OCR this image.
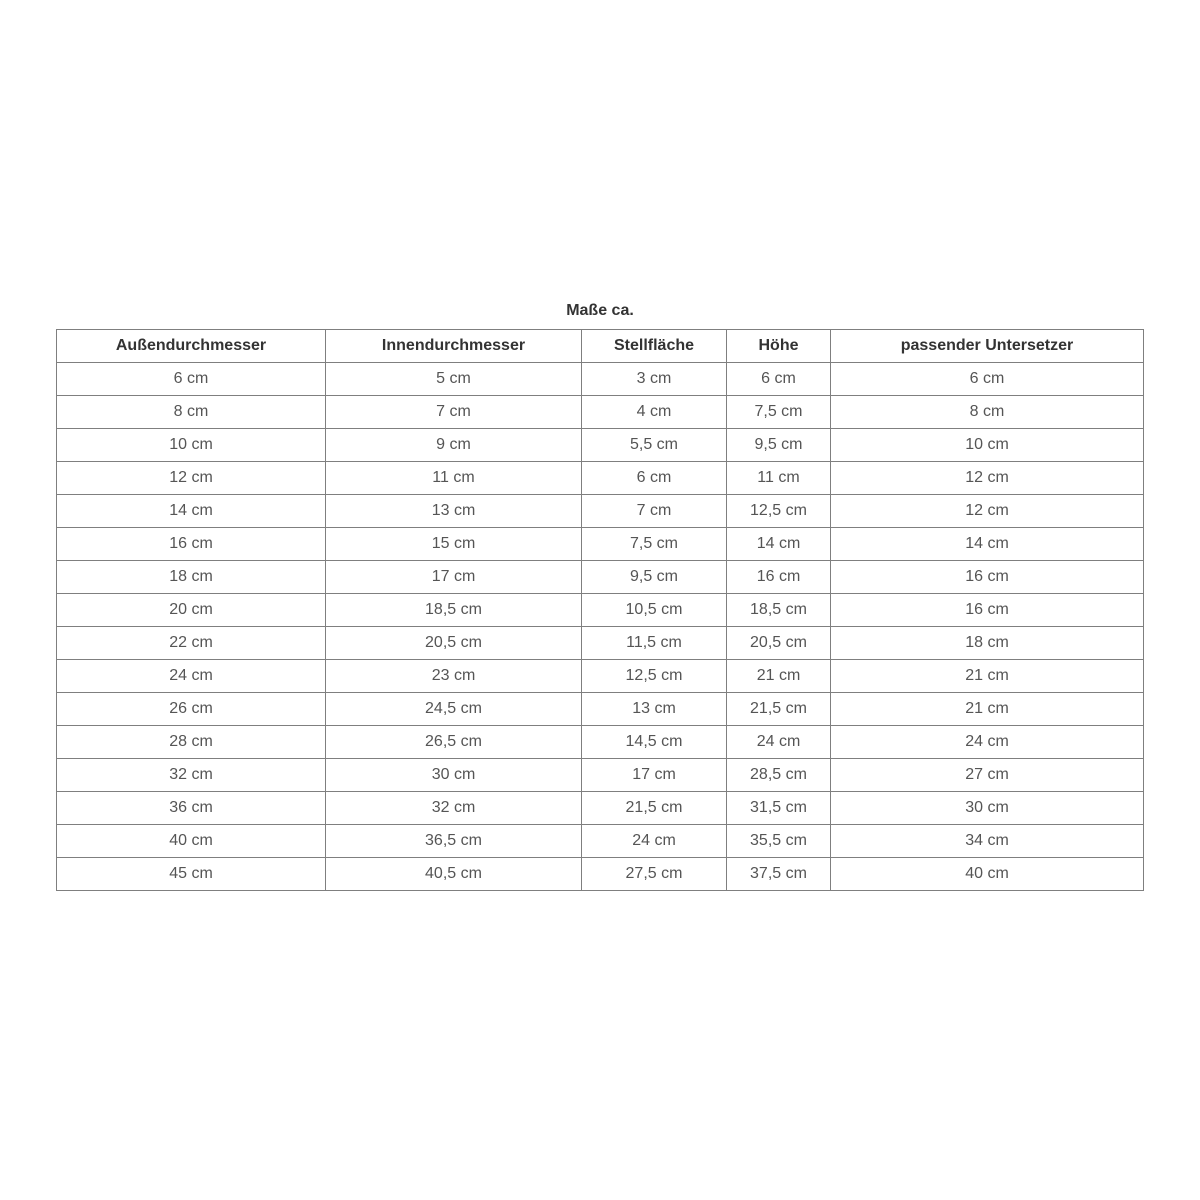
Maße ca.
Außendurchmesser	Innendurchmesser	Stellfläche	Höhe	passender Untersetzer
6 cm	5 cm	3 cm	6 cm	6 cm
8 cm	7 cm	4 cm	7,5 cm	8 cm
10 cm	9 cm	5,5 cm	9,5 cm	10 cm
12 cm	11 cm	6 cm	11 cm	12 cm
14 cm	13 cm	7 cm	12,5 cm	12 cm
16 cm	15 cm	7,5 cm	14 cm	14 cm
18 cm	17 cm	9,5 cm	16 cm	16 cm
20 cm	18,5 cm	10,5 cm	18,5 cm	16 cm
22 cm	20,5 cm	11,5 cm	20,5 cm	18 cm
24 cm	23 cm	12,5 cm	21 cm	21 cm
26 cm	24,5 cm	13 cm	21,5 cm	21 cm
28 cm	26,5 cm	14,5 cm	24 cm	24 cm
32 cm	30 cm	17 cm	28,5 cm	27 cm
36 cm	32 cm	21,5 cm	31,5 cm	30 cm
40 cm	36,5 cm	24 cm	35,5 cm	34 cm
45 cm	40,5 cm	27,5 cm	37,5 cm	40 cm
